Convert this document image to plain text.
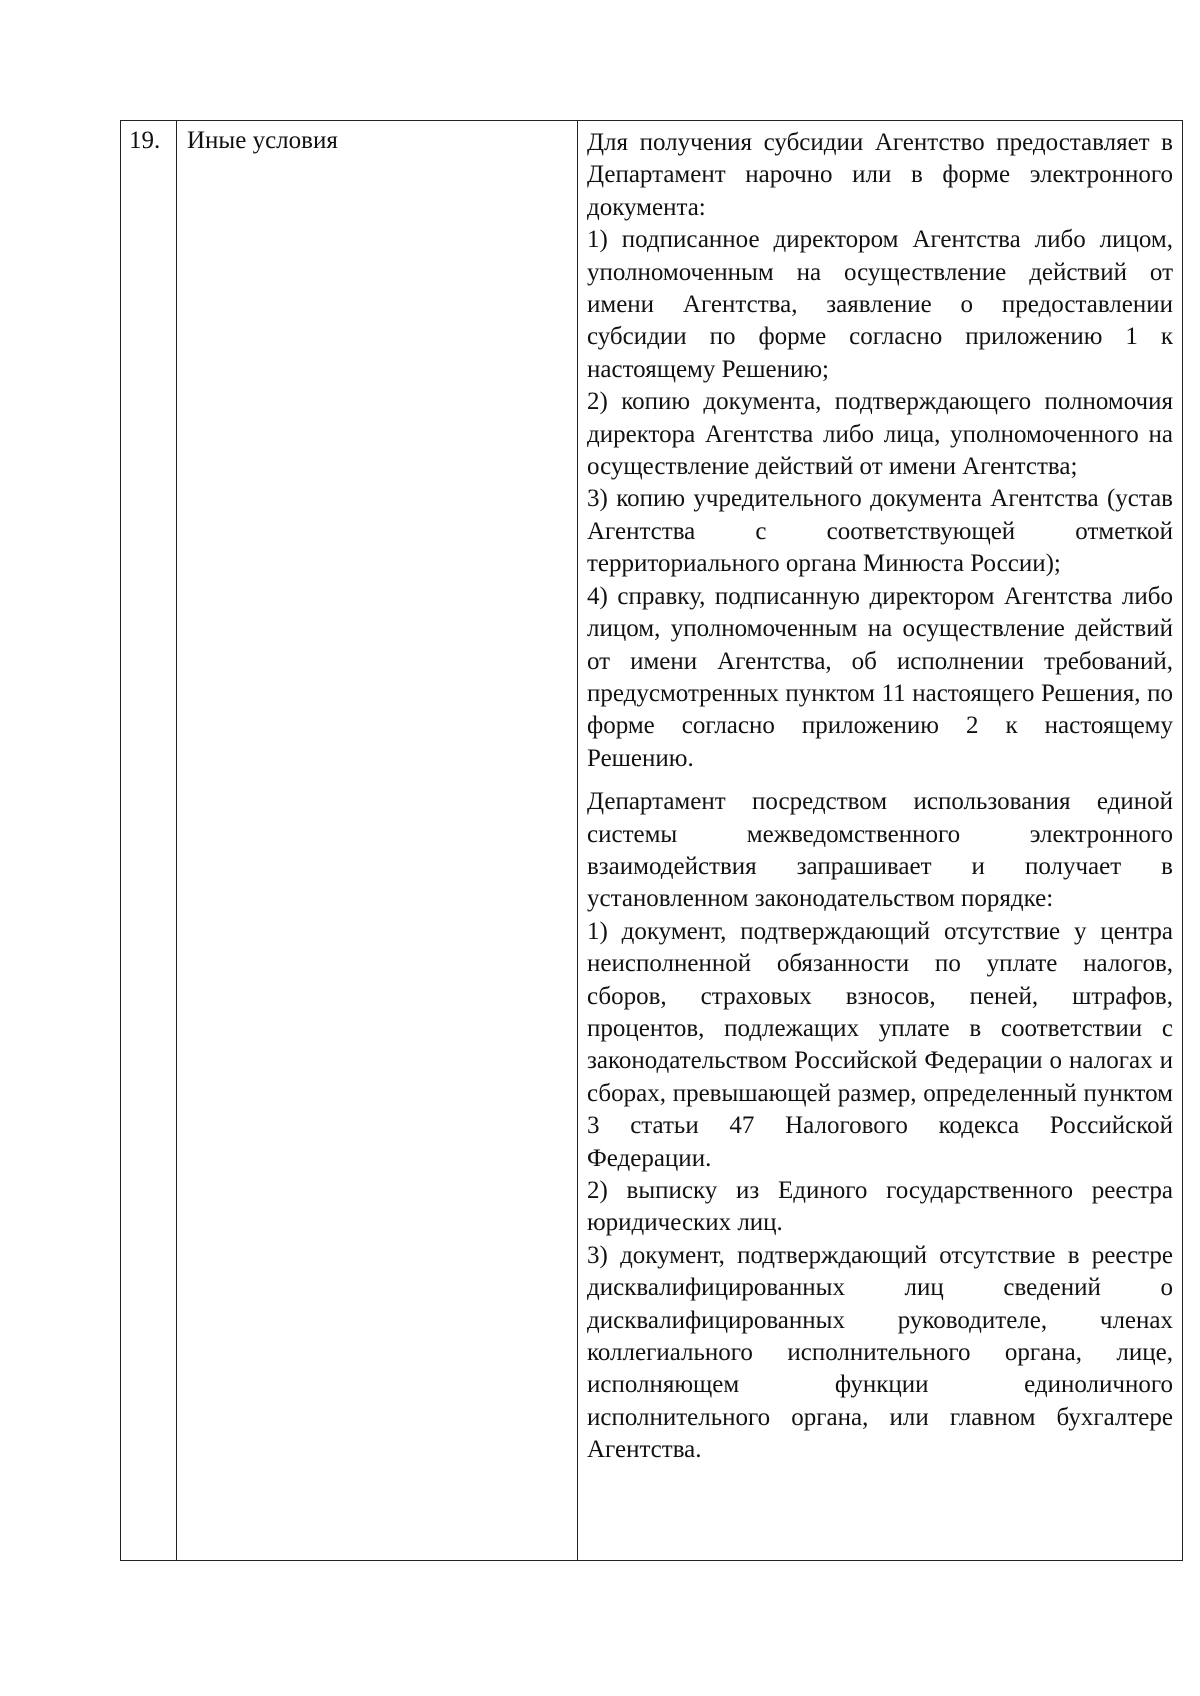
19. Иные условия	Для получения субсидии Агентство предоставляет в Департамент нарочно или в форме электронного документа:

1) подписанное директором Агентства либо лицом, уполномоченным на осуществление действий от имени Агентства, заявление о предоставлении субсидии по форме согласно приложению 1 к настоящему Решению;

2) копию документа, подтверждающего полномочия директора Агентства либо лица, уполномоченного на осуществление действий от имени Агентства;

3) копию учредительного документа Агентства (устав Агентства с соответствующей отметкой территориального органа Минюста России);

4) справку, подписанную директором Агентства либо лицом, уполномоченным на осуществление действий от имени Агентства, об исполнении требований, предусмотренных пунктом 11 настоящего Решения, по форме согласно приложению 2 к настоящему Решению.

Департамент посредством использования единой системы межведомственного электронного взаимодействия запрашивает и получает в установленном законодательством порядке:

1) документ, подтверждающий отсутствие у центра неисполненной обязанности по уплате налогов, сборов, страховых взносов, пеней, штрафов, процентов, подлежащих уплате в соответствии с законодательством Российской Федерации о налогах и сборах, превышающей размер, определенный пунктом 3 статьи 47 Налогового кодекса Российской Федерации.

2) выписку из Единого государственного реестра юридических лиц.

3) документ, подтверждающий отсутствие в реестре дисквалифицированных лиц сведений о дисквалифицированных руководителе, членах коллегиального исполнительного органа, лице, исполняющем функции единоличного исполнительного органа, или главном бухгалтере Агентства.
